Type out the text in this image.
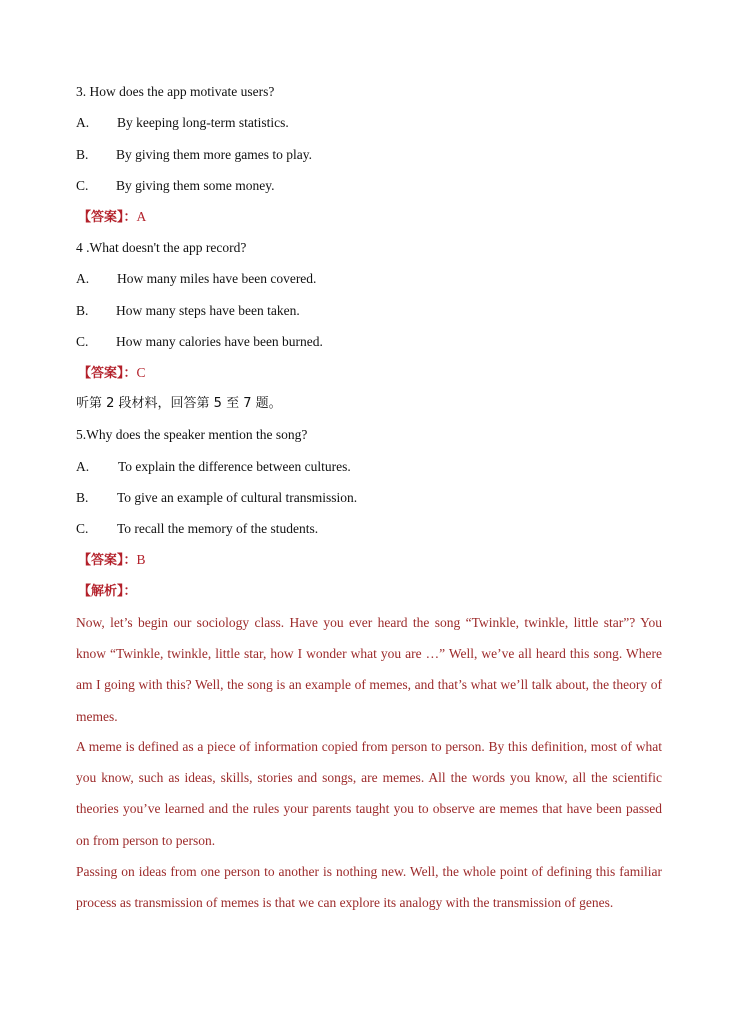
3. How does the app motivate users?
A. By keeping long-term statistics.
B. By giving them more games to play.
C. By giving them some money.
【答案】：A
4 .What doesn't the app record?
A. How many miles have been covered.
B. How many steps have been taken.
C. How many calories have been burned.
【答案】：C
听第 2 段材料，回答第 5 至 7 题。
5.Why does the speaker mention the song?
A. To explain the difference between cultures.
B. To give an example of cultural transmission.
C. To recall the memory of the students.
【答案】：B
【解析】：
Now, let’s begin our sociology class. Have you ever heard the song “Twinkle, twinkle, little star”? You know “Twinkle, twinkle, little star, how I wonder what you are …” Well, we’ve all heard this song. Where am I going with this? Well, the song is an example of memes, and that’s what we’ll talk about, the theory of memes.
A meme is defined as a piece of information copied from person to person. By this definition, most of what you know, such as ideas, skills, stories and songs, are memes. All the words you know, all the scientific theories you’ve learned and the rules your parents taught you to observe are memes that have been passed on from person to person.
Passing on ideas from one person to another is nothing new. Well, the whole point of defining this familiar process as transmission of memes is that we can explore its analogy with the transmission of genes.
